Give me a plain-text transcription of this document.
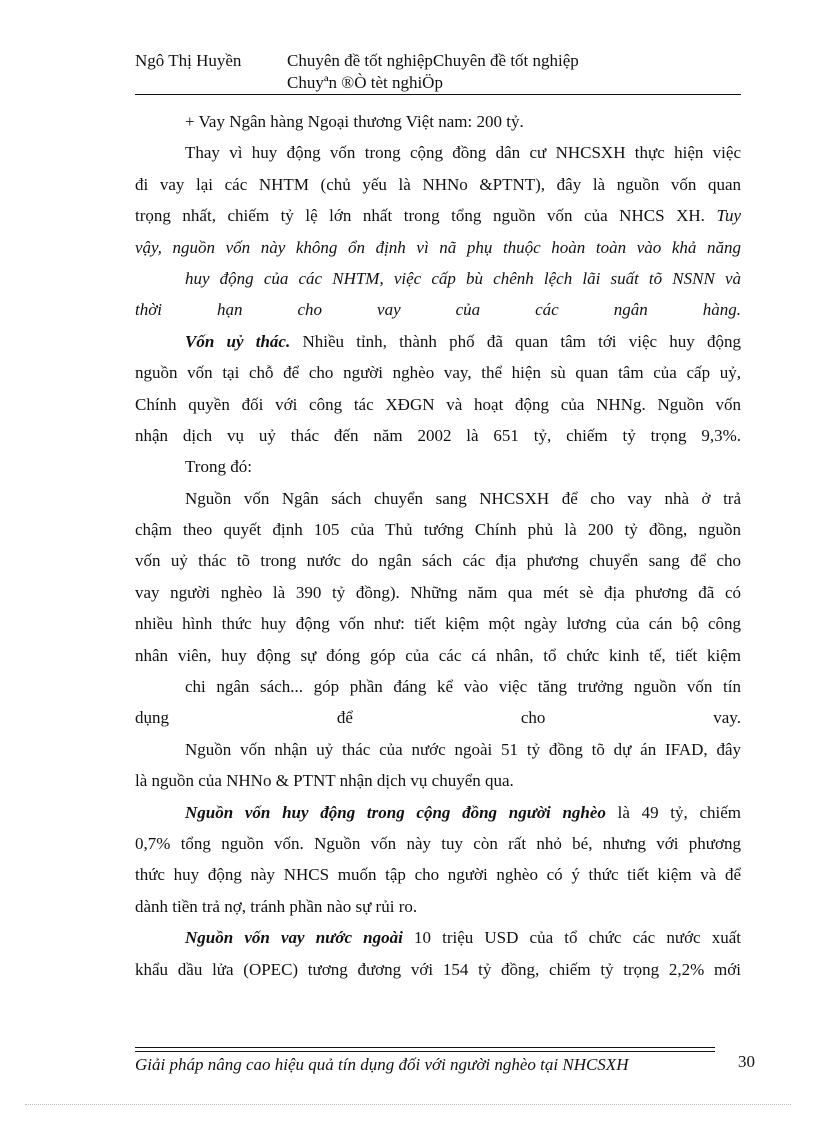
Ngô Thị Huyền	Chuyên đề tốt nghiệpChuyên đề tốt nghiệp
Chuyªn ®Ò tèt nghiÖp
+ Vay Ngân hàng Ngoại thương Việt nam: 200 tỷ.
Thay vì huy động vốn trong cộng đồng dân cư NHCSXH thực hiện việc
đi vay lại các NHTM (chủ yếu là NHNo &PTNT), đây là nguồn vốn quan
trọng nhất, chiếm tỷ lệ lớn nhất trong tổng nguồn vốn của NHCS XH. Tuy
vậy, nguồn vốn này không ổn định vì nã phụ thuộc hoàn toàn vào khả năng
huy động của các NHTM, việc cấp bù chênh lệch lãi suất tõ NSNN và
thời	hạn	cho	vay	của	các	ngân	hàng.
Vốn uỷ thác. Nhiều tỉnh, thành phố đã quan tâm tới việc huy động
nguồn vốn tại chỗ để cho người nghèo vay, thể hiện sù quan tâm của cấp uỷ,
Chính quyền đối với công tác XĐGN và hoạt động của NHNg. Nguồn vốn
nhận dịch vụ uỷ thác đến năm 2002 là 651 tỷ, chiếm tỷ trọng 9,3%.
Trong đó:
Nguồn vốn Ngân sách chuyển sang NHCSXH để cho vay nhà ở trả
chậm theo quyết định 105 của Thủ tướng Chính phủ là 200 tỷ đồng, nguồn
vốn uỷ thác tõ trong nước do ngân sách các địa phương chuyển sang để cho
vay người nghèo là 390 tỷ đồng). Những năm qua mét sè địa phương đã có
nhiều hình thức huy động vốn như: tiết kiệm một ngày lương của cán bộ công
nhân viên, huy động sự đóng góp của các cá nhân, tổ chức kinh tế, tiết kiệm
chi ngân sách... góp phần đáng kể vào việc tăng trưởng nguồn vốn tín
dụng	để	cho	vay.
Nguồn vốn nhận uỷ thác của nước ngoài 51 tỷ đồng tõ dự án IFAD, đây
là nguồn của NHNo & PTNT nhận dịch vụ chuyển qua.
Nguồn vốn huy động trong cộng đồng người nghèo là 49 tỷ, chiếm
0,7% tổng nguồn vốn. Nguồn vốn này tuy còn rất nhỏ bé, nhưng với phương
thức huy động này NHCS muốn tập cho người nghèo có ý thức tiết kiệm và để
dành tiền trả nợ, tránh phần nào sự rủi ro.
Nguồn vốn vay nước ngoài 10 triệu USD của tổ chức các nước xuất
khẩu dầu lửa (OPEC) tương đương với 154 tỷ đồng, chiếm tỷ trọng 2,2% mới
Giải pháp nâng cao hiệu quả tín dụng đối với người nghèo tại NHCSXH	30
